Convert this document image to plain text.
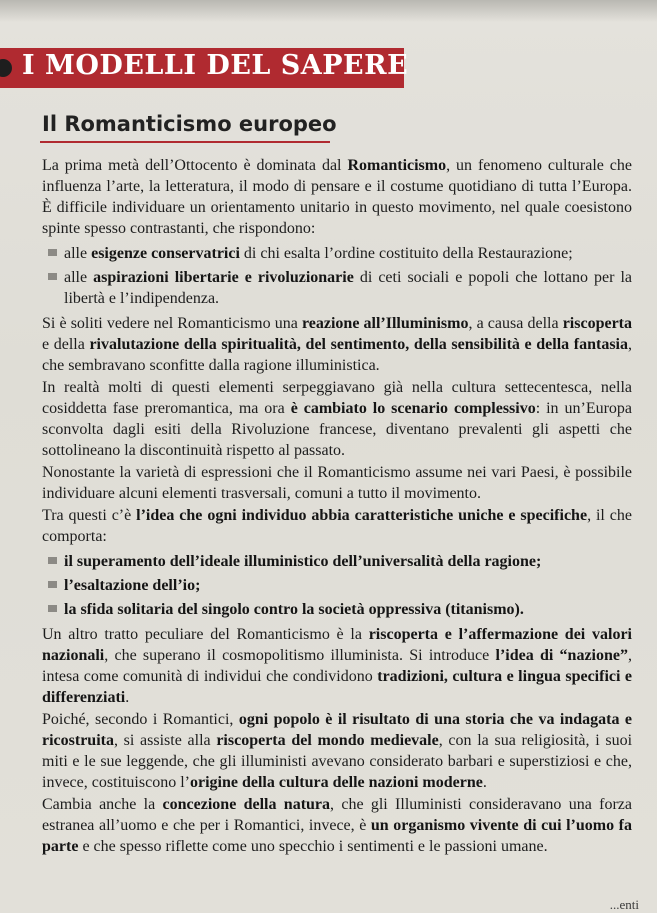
I MODELLI DEL SAPERE
Il Romanticismo europeo

La prima metà dell’Ottocento è dominata dal Romanticismo, un fenomeno culturale che influenza l’arte, la letteratura, il modo di pensare e il costume quotidiano di tutta l’Europa. È difficile individuare un orientamento unitario in questo movimento, nel quale coesistono spinte spesso contrastanti, che rispondono:

alle esigenze conservatrici di chi esalta l’ordine costituito della Restaurazione;
alle aspirazioni libertarie e rivoluzionarie di ceti sociali e popoli che lottano per la libertà e l’indipendenza.

Si è soliti vedere nel Romanticismo una reazione all’Illuminismo, a causa della riscoperta e della rivalutazione della spiritualità, del sentimento, della sensibilità e della fantasia, che sembravano sconfitte dalla ragione illuministica.

In realtà molti di questi elementi serpeggiavano già nella cultura settecentesca, nella cosiddetta fase preromantica, ma ora è cambiato lo scenario complessivo: in un’Europa sconvolta dagli esiti della Rivoluzione francese, diventano prevalenti gli aspetti che sottolineano la discontinuità rispetto al passato.

Nonostante la varietà di espressioni che il Romanticismo assume nei vari Paesi, è possibile individuare alcuni elementi trasversali, comuni a tutto il movimento.

Tra questi c’è l’idea che ogni individuo abbia caratteristiche uniche e specifiche, il che comporta:

il superamento dell’ideale illuministico dell’universalità della ragione;
l’esaltazione dell’io;
la sfida solitaria del singolo contro la società oppressiva (titanismo).

Un altro tratto peculiare del Romanticismo è la riscoperta e l’affermazione dei valori nazionali, che superano il cosmopolitismo illuminista. Si introduce l’idea di “nazione”, intesa come comunità di individui che condividono tradizioni, cultura e lingua specifici e differenziati.

Poiché, secondo i Romantici, ogni popolo è il risultato di una storia che va indagata e ricostruita, si assiste alla riscoperta del mondo medievale, con la sua religiosità, i suoi miti e le sue leggende, che gli illuministi avevano considerato barbari e superstiziosi e che, invece, costituiscono l’origine della cultura delle nazioni moderne.

Cambia anche la concezione della natura, che gli Illuministi consideravano una forza estranea all’uomo e che per i Romantici, invece, è un organismo vivente di cui l’uomo fa parte e che spesso riflette come uno specchio i sentimenti e le passioni umane.

...enti
